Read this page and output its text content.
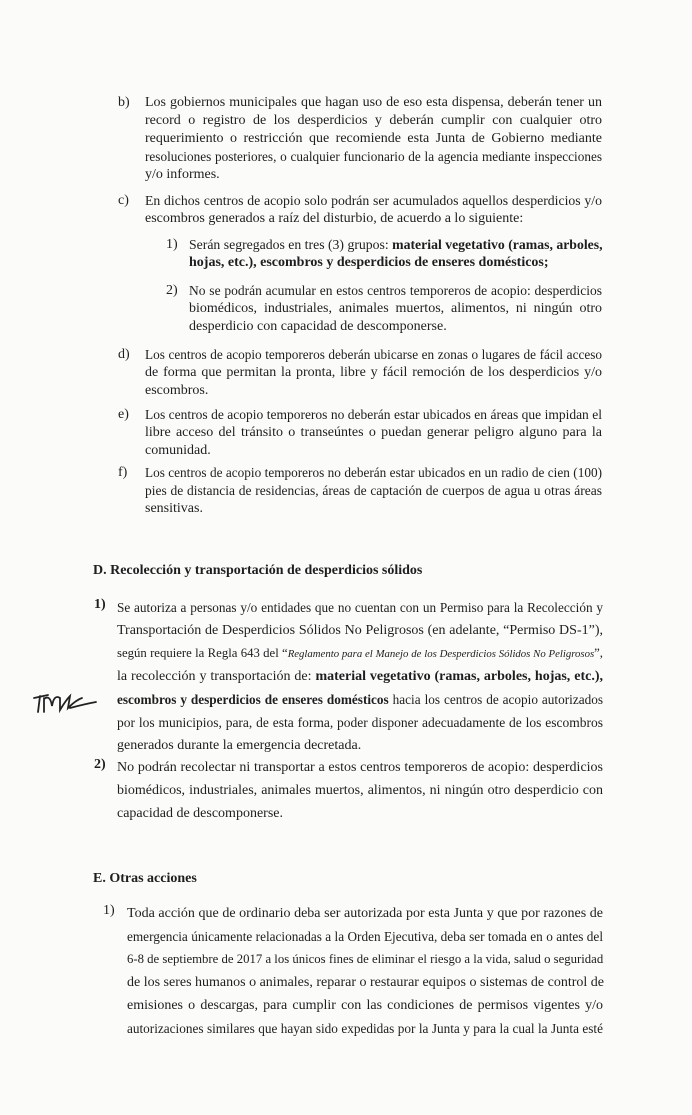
b) Los gobiernos municipales que hagan uso de eso esta dispensa, deberán tener un
record o registro de los desperdicios y deberán cumplir con cualquier otro
requerimiento o restricción que recomiende esta Junta de Gobierno mediante
resoluciones posteriores, o cualquier funcionario de la agencia mediante inspecciones
y/o informes.
c) En dichos centros de acopio solo podrán ser acumulados aquellos desperdicios y/o
escombros generados a raíz del disturbio, de acuerdo a lo siguiente:
1) Serán segregados en tres (3) grupos: material vegetativo (ramas, arboles,
hojas, etc.), escombros y desperdicios de enseres domésticos;
2) No se podrán acumular en estos centros temporeros de acopio: desperdicios
biomédicos, industriales, animales muertos, alimentos, ni ningún otro
desperdicio con capacidad de descomponerse.
d) Los centros de acopio temporeros deberán ubicarse en zonas o lugares de fácil acceso
de forma que permitan la pronta, libre y fácil remoción de los desperdicios y/o
escombros.
e) Los centros de acopio temporeros no deberán estar ubicados en áreas que impidan el
libre acceso del tránsito o transeúntes o puedan generar peligro alguno para la
comunidad.
f) Los centros de acopio temporeros no deberán estar ubicados en un radio de cien (100)
pies de distancia de residencias, áreas de captación de cuerpos de agua u otras áreas
sensitivas.
D. Recolección y transportación de desperdicios sólidos
1) Se autoriza a personas y/o entidades que no cuentan con un Permiso para la Recolección y
Transportación de Desperdicios Sólidos No Peligrosos (en adelante, “Permiso DS-1”),
según requiere la Regla 643 del “Reglamento para el Manejo de los Desperdicios Sólidos No Peligrosos”,
la recolección y transportación de: material vegetativo (ramas, arboles, hojas, etc.),
escombros y desperdicios de enseres domésticos hacia los centros de acopio autorizados
por los municipios, para, de esta forma, poder disponer adecuadamente de los escombros
generados durante la emergencia decretada.
2) No podrán recolectar ni transportar a estos centros temporeros de acopio: desperdicios
biomédicos, industriales, animales muertos, alimentos, ni ningún otro desperdicio con
capacidad de descomponerse.
E. Otras acciones
1) Toda acción que de ordinario deba ser autorizada por esta Junta y que por razones de
emergencia únicamente relacionadas a la Orden Ejecutiva, deba ser tomada en o antes del
6-8 de septiembre de 2017 a los únicos fines de eliminar el riesgo a la vida, salud o seguridad
de los seres humanos o animales, reparar o restaurar equipos o sistemas de control de
emisiones o descargas, para cumplir con las condiciones de permisos vigentes y/o
autorizaciones similares que hayan sido expedidas por la Junta y para la cual la Junta esté
